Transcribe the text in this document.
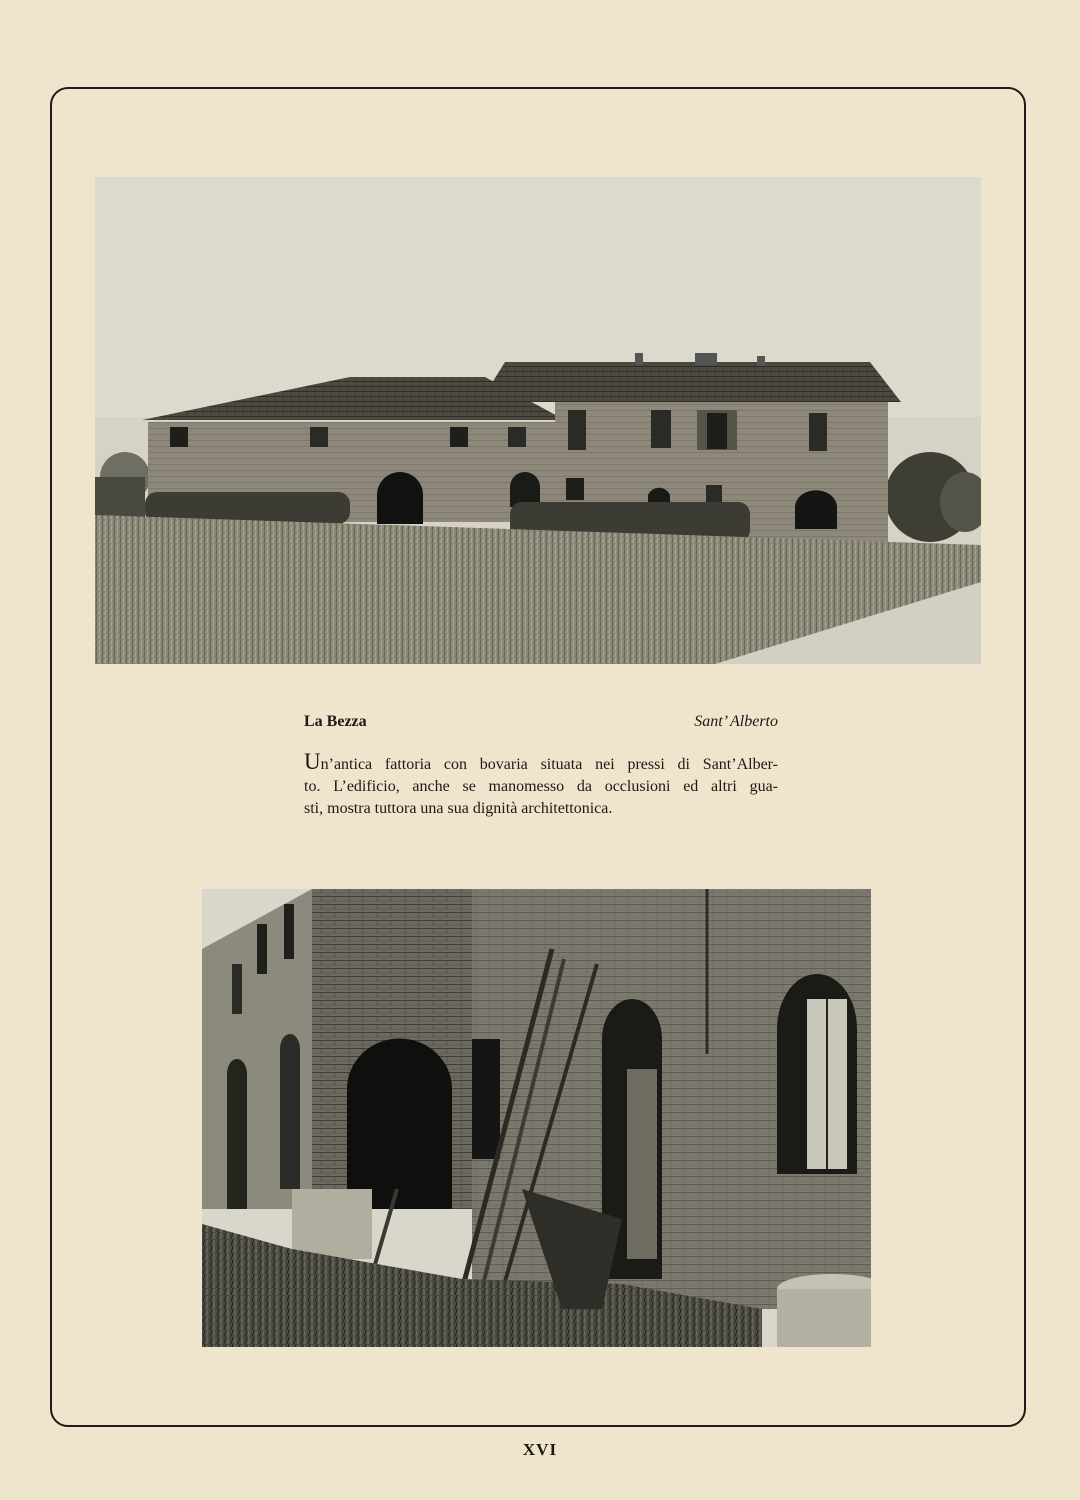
La Bezza	Sant’ Alberto
Un’antica fattoria con bovaria situata nei pressi di Sant’Alber-
to. L’edificio, anche se manomesso da occlusioni ed altri gua-
sti, mostra tuttora una sua dignità architettonica.
XVI
